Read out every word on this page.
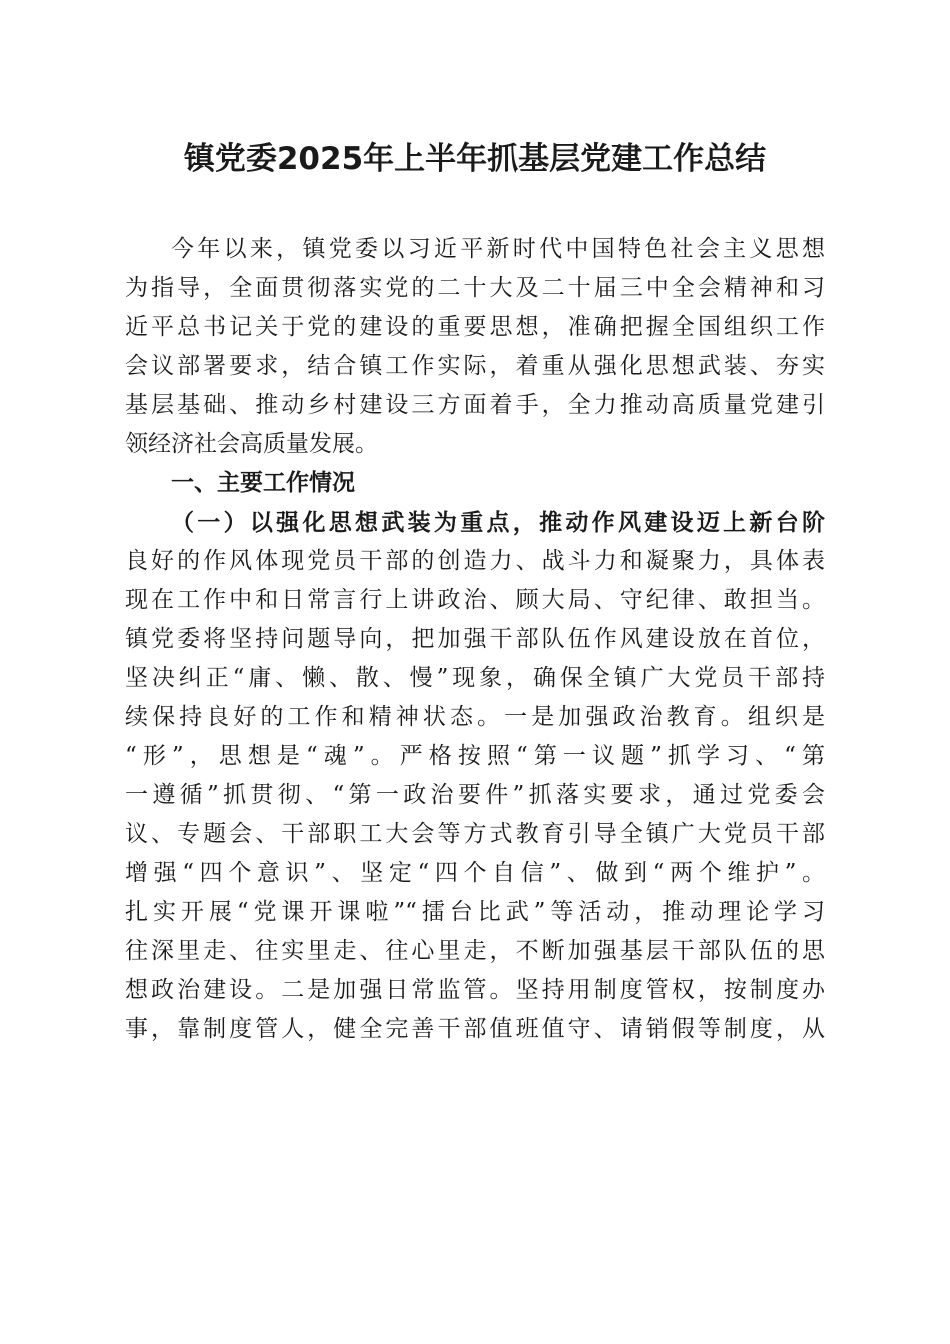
镇党委2025年上半年抓基层党建工作总结
今年以来，镇党委以习近平新时代中国特色社会主义思想
为指导，全面贯彻落实党的二十大及二十届三中全会精神和习
近平总书记关于党的建设的重要思想，准确把握全国组织工作
会议部署要求，结合镇工作实际，着重从强化思想武装、夯实
基层基础、推动乡村建设三方面着手，全力推动高质量党建引
领经济社会高质量发展。
一、主要工作情况
（一）以强化思想武装为重点，推动作风建设迈上新台阶
良好的作风体现党员干部的创造力、战斗力和凝聚力，具体表
现在工作中和日常言行上讲政治、顾大局、守纪律、敢担当。
镇党委将坚持问题导向，把加强干部队伍作风建设放在首位，
坚决纠正“庸、懒、散、慢”现象，确保全镇广大党员干部持
续保持良好的工作和精神状态。一是加强政治教育。组织是
“形”，思想是“魂”。严格按照“第一议题”抓学习、“第
一遵循”抓贯彻、“第一政治要件”抓落实要求，通过党委会
议、专题会、干部职工大会等方式教育引导全镇广大党员干部
增强“四个意识”、坚定“四个自信”、做到“两个维护”。
扎实开展“党课开课啦”“擂台比武”等活动，推动理论学习
往深里走、往实里走、往心里走，不断加强基层干部队伍的思
想政治建设。二是加强日常监管。坚持用制度管权，按制度办
事，靠制度管人，健全完善干部值班值守、请销假等制度，从
